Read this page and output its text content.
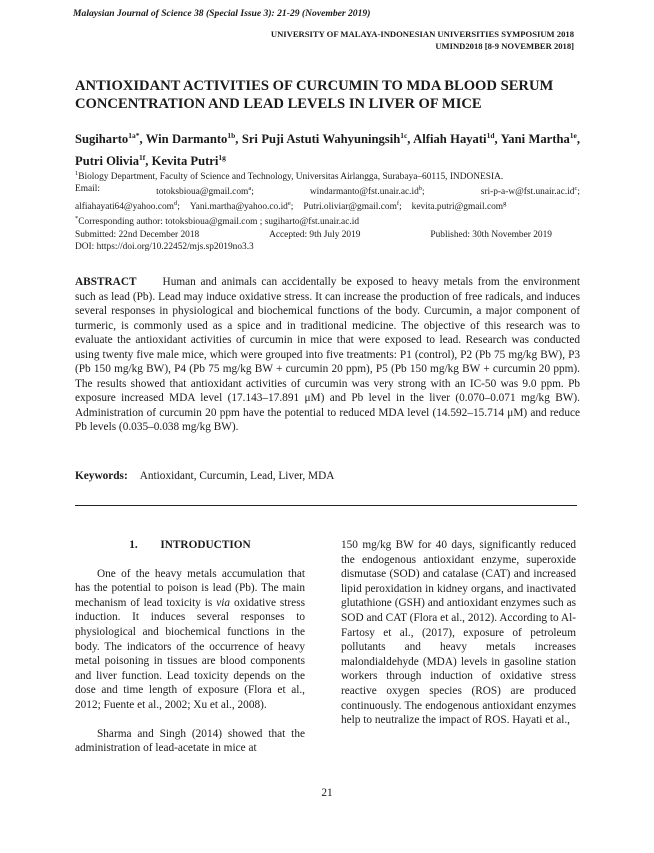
Malaysian Journal of Science 38 (Special Issue 3): 21-29 (November 2019)
UNIVERSITY OF MALAYA-INDONESIAN UNIVERSITIES SYMPOSIUM 2018
UMIND2018 [8-9 NOVEMBER 2018]
ANTIOXIDANT ACTIVITIES OF CURCUMIN TO MDA BLOOD SERUM CONCENTRATION AND LEAD LEVELS IN LIVER OF MICE
Sugiharto$^{1a*}$, Win Darmanto$^{1b}$, Sri Puji Astuti Wahyuningsih$^{1c}$, Alfiah Hayati$^{1d}$, Yani Martha$^{1e}$, Putri Olivia$^{1f}$, Kevita Putri$^{1g}$
$^1$Biology Department, Faculty of Science and Technology, Universitas Airlangga, Surabaya–60115, INDONESIA.
Email:	totoksbioua@gmail.com$^a$;	$windarmanto@fst.unair.ac.id^b$;	sri-$p-a-w@fst.unair.ac.id^c$;
alfiahayati64@yahoo.com$^d$; $Yani.martha@yahoo.co.id^e$; Putri.oliviar@gmail.com$^f$; kevita.putri@gmail.com$^g$
*Corresponding author: totoksbioua@gmail.com ; sugiharto@fst.unair.ac.id
Submitted: 22nd December 2018	Accepted: 9th July 2019	Published: 30th November 2019
DOI: https://doi.org/10.22452/mjs.sp2019no3.3
ABSTRACT Human and animals can accidentally be exposed to heavy metals from the environment such as lead (Pb). Lead may induce oxidative stress. It can increase the production of free radicals, and induces several responses in physiological and biochemical functions of the body. Curcumin, a major component of turmeric, is commonly used as a spice and in traditional medicine. The objective of this research was to evaluate the antioxidant activities of curcumin in mice that were exposed to lead. Research was conducted using twenty five male mice, which were grouped into five treatments: P1 (control), P2 (Pb 75 mg/kg BW), P3 (Pb 150 mg/kg BW), P4 (Pb 75 mg/kg BW + curcumin 20 ppm), P5 (Pb 150 mg/kg BW + curcumin 20 ppm). The results showed that antioxidant activities of curcumin was very strong with an IC-50 was 9.0 ppm. Pb exposure increased MDA level (17.143–17.891 μM) and Pb level in the liver (0.070–0.071 mg/kg BW). Administration of curcumin 20 ppm have the potential to reduced MDA level (14.592–15.714 μM) and reduce Pb levels (0.035–0.038 mg/kg BW).
Keywords: Antioxidant, Curcumin, Lead, Liver, MDA

1.        INTRODUCTION

One of the heavy metals accumulation that has the potential to poison is lead (Pb). The main mechanism of lead toxicity is via oxidative stress induction. It induces several responses to physiological and biochemical functions in the body. The indicators of the occurrence of heavy metal poisoning in tissues are blood components and liver function. Lead toxicity depends on the dose and time length of exposure (Flora et al., 2012; Fuente et al., 2002; Xu et al., 2008).

Sharma and Singh (2014) showed that the administration of lead-acetate in mice at

150 mg/kg BW for 40 days, significantly reduced the endogenous antioxidant enzyme, superoxide dismutase (SOD) and catalase (CAT) and increased lipid peroxidation in kidney organs, and inactivated glutathione (GSH) and antioxidant enzymes such as SOD and CAT (Flora et al., 2012). According to Al-Fartosy et al., (2017), exposure of petroleum pollutants and heavy metals increases malondialdehyde (MDA) levels in gasoline station workers through induction of oxidative stress reactive oxygen species (ROS) are produced continuously. The endogenous antioxidant enzymes help to neutralize the impact of ROS. Hayati et al.,

21
